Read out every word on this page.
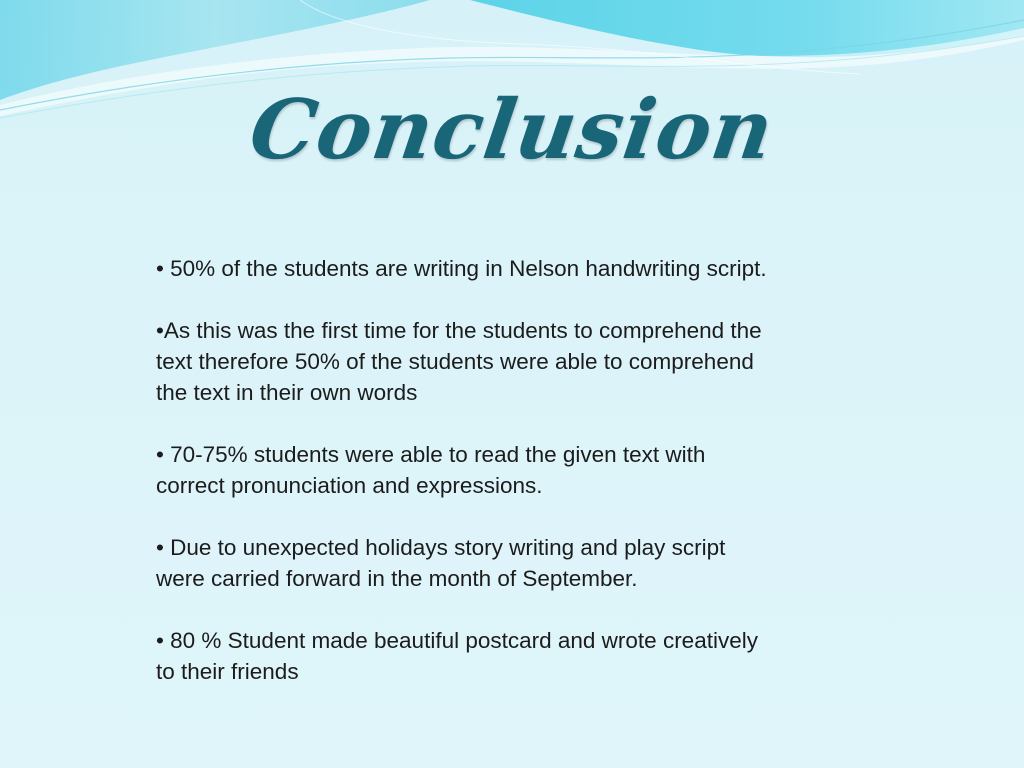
Conclusion

• 50% of the students are writing in Nelson handwriting script.

•As this was the first time for the students to comprehend the
text therefore 50% of the students were able to comprehend
the text in their own words

• 70-75% students were able to read the given text with
correct pronunciation and expressions.

• Due to unexpected holidays story writing and play script
were carried forward in the month of September.

• 80 % Student made beautiful postcard and wrote creatively
to their friends
